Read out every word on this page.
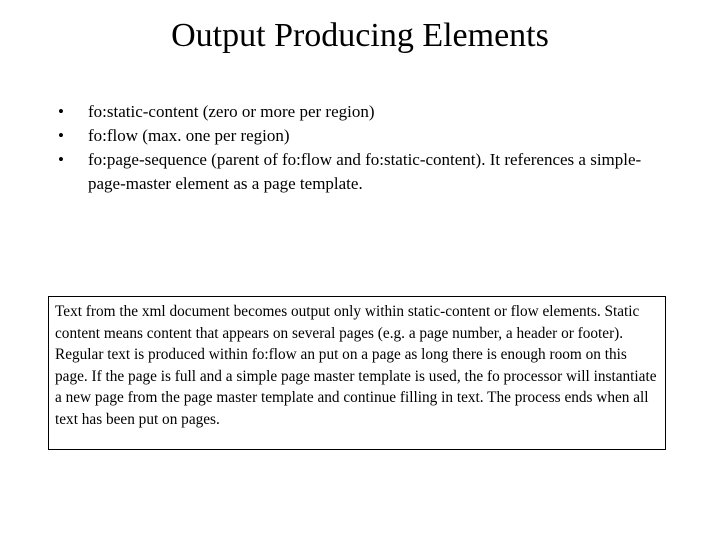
Output Producing Elements
• fo:static-content (zero or more per region)
• fo:flow (max. one per region)
• fo:page-sequence (parent of fo:flow and fo:static-content). It references a simple-page-master element as a page template.
Text from the xml document becomes output only within static-content or flow elements. Static content means content that appears on several pages (e.g. a page number, a header or footer). Regular text is produced within fo:flow an put on a page as long there is enough room on this page. If the page is full and a simple page master template is used, the fo processor will instantiate a new page from the page master template and continue filling in text. The process ends when all text has been put on pages.
